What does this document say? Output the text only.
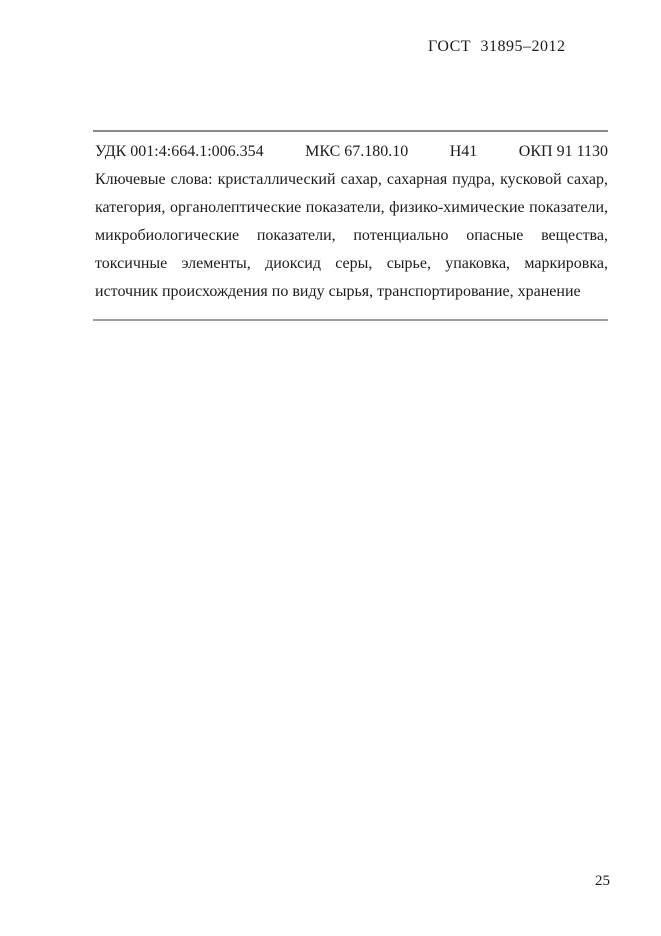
ГОСТ 31895–2012
УДК 001:4:664.1:006.354	МКС 67.180.10	Н41	ОКП 91 1130

Ключевые слова: кристаллический сахар, сахарная пудра, кусковой сахар, категория, органолептические показатели, физико-химические показатели, микробиологические показатели, потенциально опасные вещества, токсичные элементы, диоксид серы, сырье, упаковка, маркировка, источник происхождения по виду сырья, транспортирование, хранение

25
